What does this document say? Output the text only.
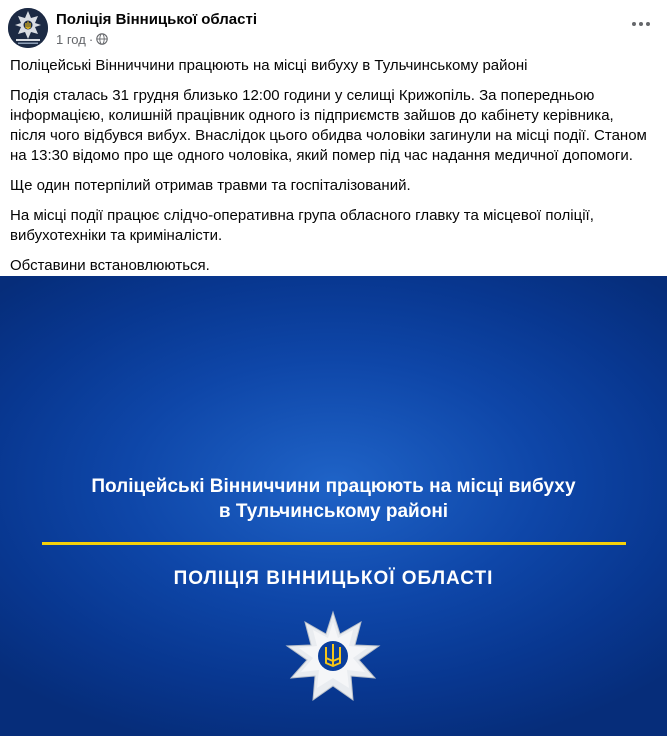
Поліція Вінницької області
1 год ·

Поліцейські Вінниччини працюють на місці вибуху в Тульчинському районі

Подія сталась 31 грудня близько 12:00 години у селищі Крижопіль. За попередньою інформацією, колишній працівник одного із підприємств зайшов до кабінету керівника, після чого відбувся вибух. Внаслідок цього обидва чоловіки загинули на місці події. Станом на 13:30 відомо про ще одного чоловіка, який помер під час надання медичної допомоги.

Ще один потерпілий отримав травми та госпіталізований.

На місці події працює слідчо-оперативна група обласного главку та місцевої поліції, вибухотехніки та криміналісти.

Обставини встановлюються.

Поліцейські Вінниччини працюють на місці вибуху
в Тульчинському районі
ПОЛІЦІЯ ВІННИЦЬКОЇ ОБЛАСТІ
